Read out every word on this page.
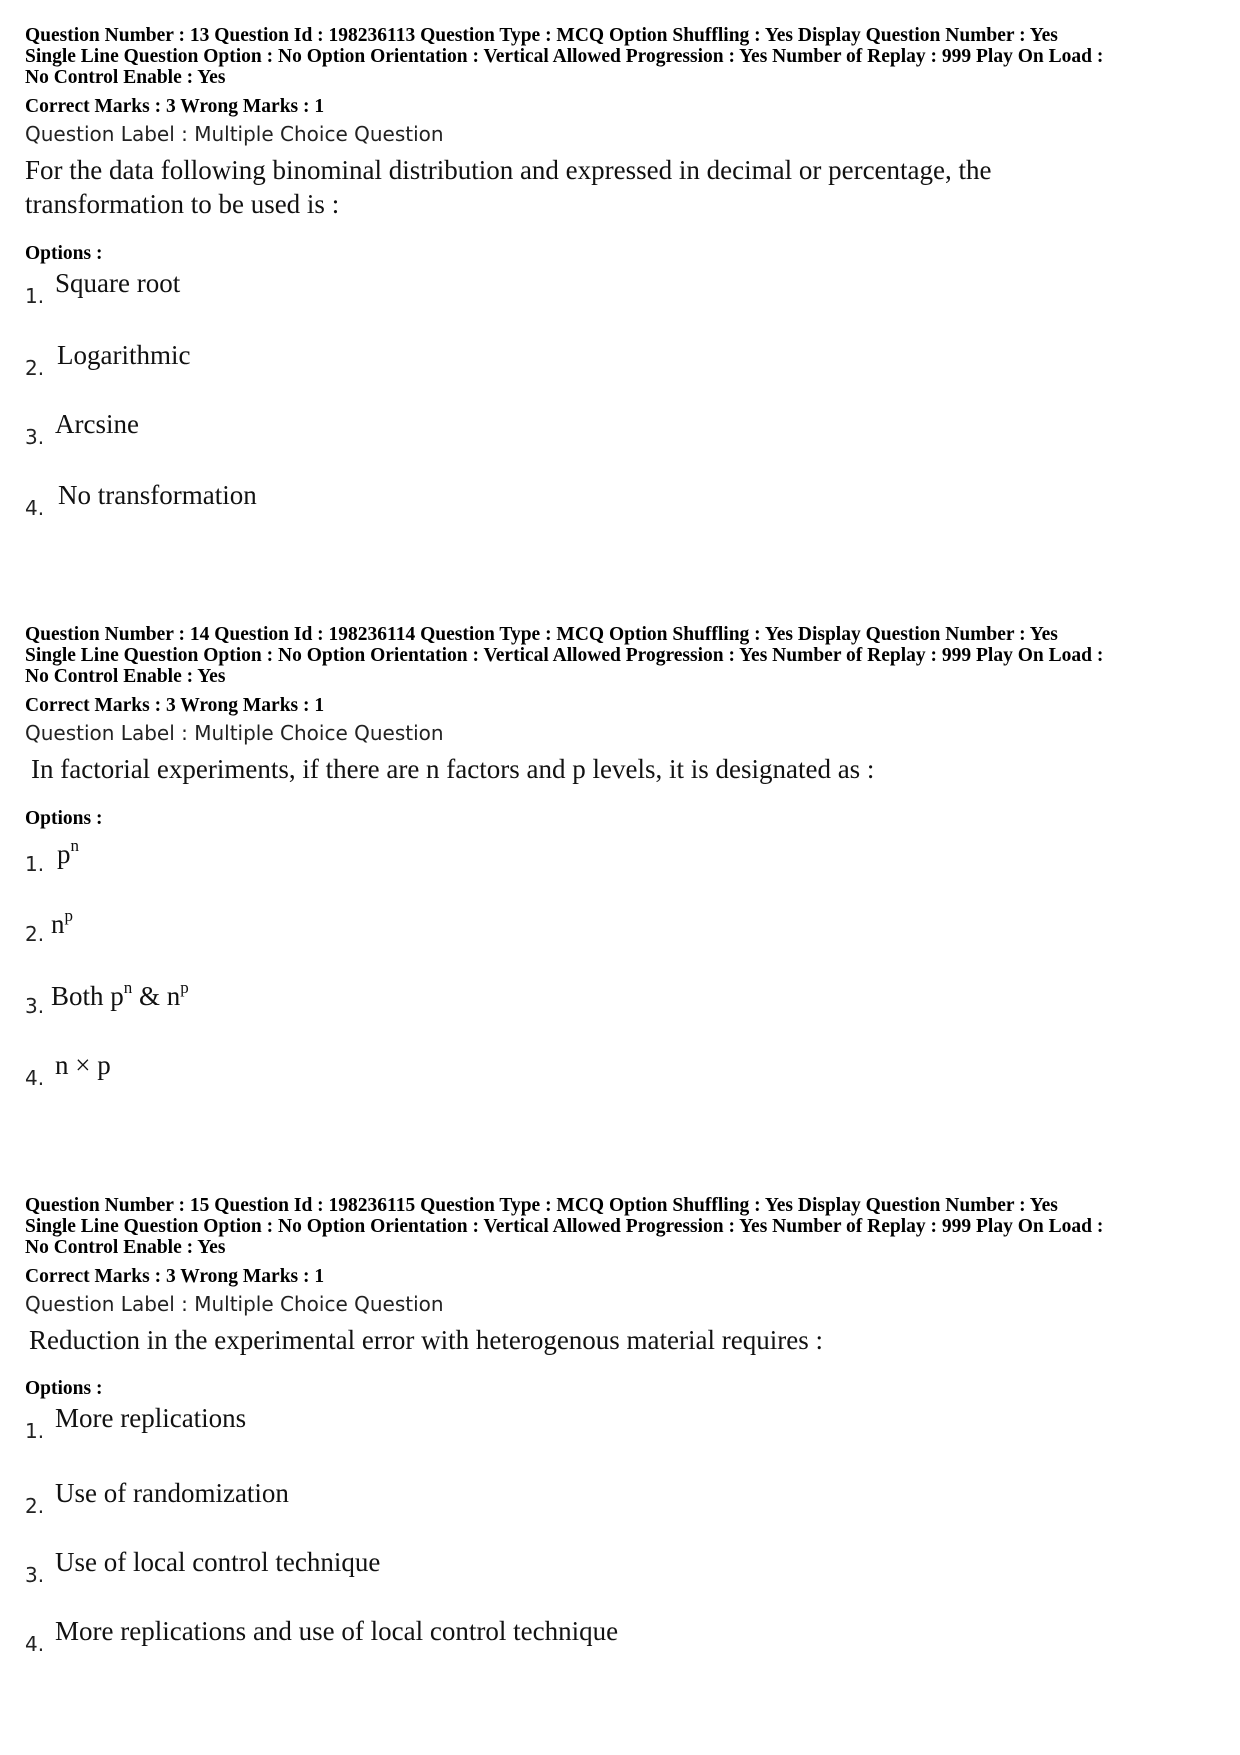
Question Number : 13 Question Id : 198236113 Question Type : MCQ Option Shuffling : Yes Display Question Number : Yes
Single Line Question Option : No Option Orientation : Vertical Allowed Progression : Yes Number of Replay : 999 Play On Load :
No Control Enable : Yes
Correct Marks : 3 Wrong Marks : 1
Question Label : Multiple Choice Question
For the data following binominal distribution and expressed in decimal or percentage, the
transformation to be used is :
Options :
1. Square root
2. Logarithmic
3. Arcsine
4. No transformation
Question Number : 14 Question Id : 198236114 Question Type : MCQ Option Shuffling : Yes Display Question Number : Yes
Single Line Question Option : No Option Orientation : Vertical Allowed Progression : Yes Number of Replay : 999 Play On Load :
No Control Enable : Yes
Correct Marks : 3 Wrong Marks : 1
Question Label : Multiple Choice Question
In factorial experiments, if there are n factors and p levels, it is designated as :
Options :
1. $p^n$
2. $n^p$
3. Both $p^n$ & $n^p$
4. n × p
Question Number : 15 Question Id : 198236115 Question Type : MCQ Option Shuffling : Yes Display Question Number : Yes
Single Line Question Option : No Option Orientation : Vertical Allowed Progression : Yes Number of Replay : 999 Play On Load :
No Control Enable : Yes
Correct Marks : 3 Wrong Marks : 1
Question Label : Multiple Choice Question
Reduction in the experimental error with heterogenous material requires :
Options :
1. More replications
2. Use of randomization
3. Use of local control technique
4. More replications and use of local control technique
